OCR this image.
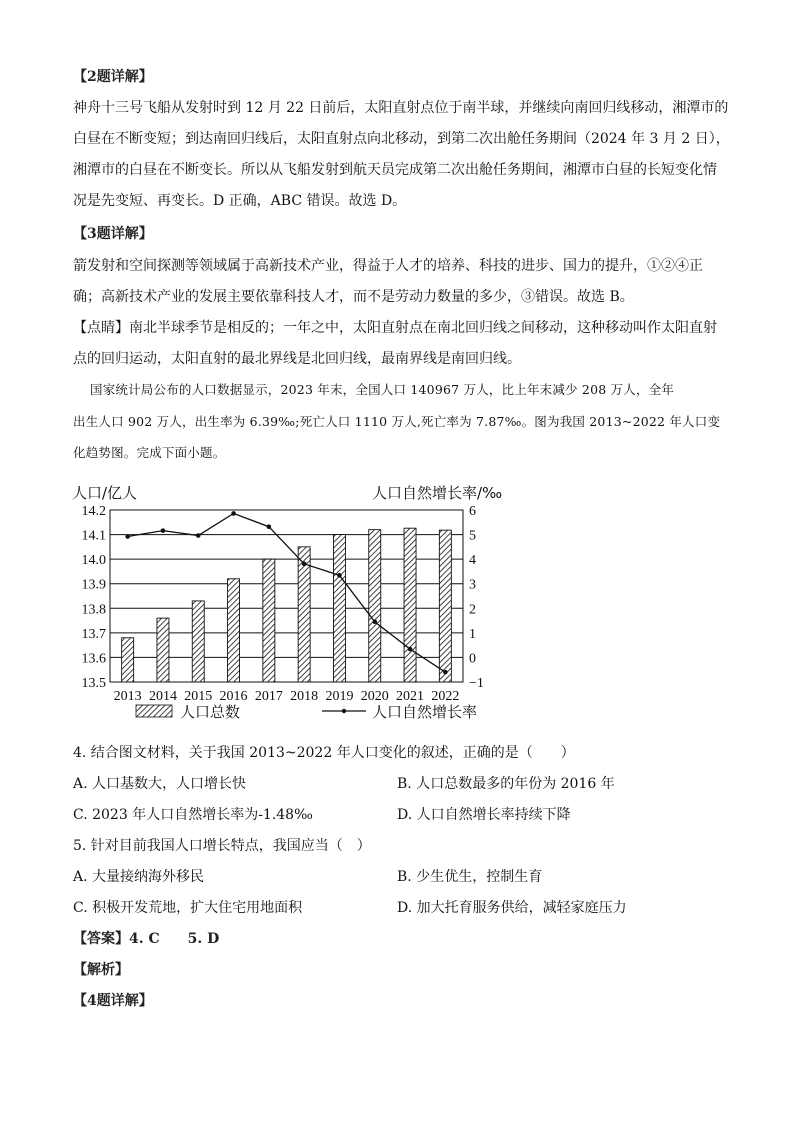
【2题详解】
神舟十三号飞船从发射时到 12 月 22 日前后，太阳直射点位于南半球，并继续向南回归线移动，湘潭市的
白昼在不断变短；到达南回归线后，太阳直射点向北移动，到第二次出舱任务期间（2024 年 3 月 2 日），
湘潭市的白昼在不断变长。所以从飞船发射到航天员完成第二次出舱任务期间，湘潭市白昼的长短变化情
况是先变短、再变长。D 正确，ABC 错误。故选 D。
【3题详解】
箭发射和空间探测等领域属于高新技术产业，得益于人才的培养、科技的进步、国力的提升，①②④正
确；高新技术产业的发展主要依靠科技人才，而不是劳动力数量的多少，③错误。故选 B。
【点睛】南北半球季节是相反的；一年之中，太阳直射点在南北回归线之间移动，这种移动叫作太阳直射
点的回归运动，太阳直射的最北界线是北回归线，最南界线是南回归线。
国家统计局公布的人口数据显示，2023 年末，全国人口 140967 万人，比上年末减少 208 万人，全年
出生人口 902 万人，出生率为 6.39‰;死亡人口 1110 万人,死亡率为 7.87‰。图为我国 2013~2022 年人口变
化趋势图。完成下面小题。
人口/亿人	人口自然增长率/‰
14.2
14.1
14.0
13.9
13.8
13.7
13.6
13.5
6
5
4
3
2
1
0
−1
2013 2014 2015 2016 2017 2018 2019 2020 2021 2022
人口总数	人口自然增长率
4. 结合图文材料，关于我国 2013~2022 年人口变化的叙述，正确的是（　　）
A. 人口基数大，人口增长快	B. 人口总数最多的年份为 2016 年
C. 2023 年人口自然增长率为-1.48‰	D. 人口自然增长率持续下降
5. 针对目前我国人口增长特点，我国应当（　）
A. 大量接纳海外移民	B. 少生优生，控制生育
C. 积极开发荒地，扩大住宅用地面积	D. 加大托育服务供给，减轻家庭压力
【答案】4. C　　5. D
【解析】
【4题详解】
